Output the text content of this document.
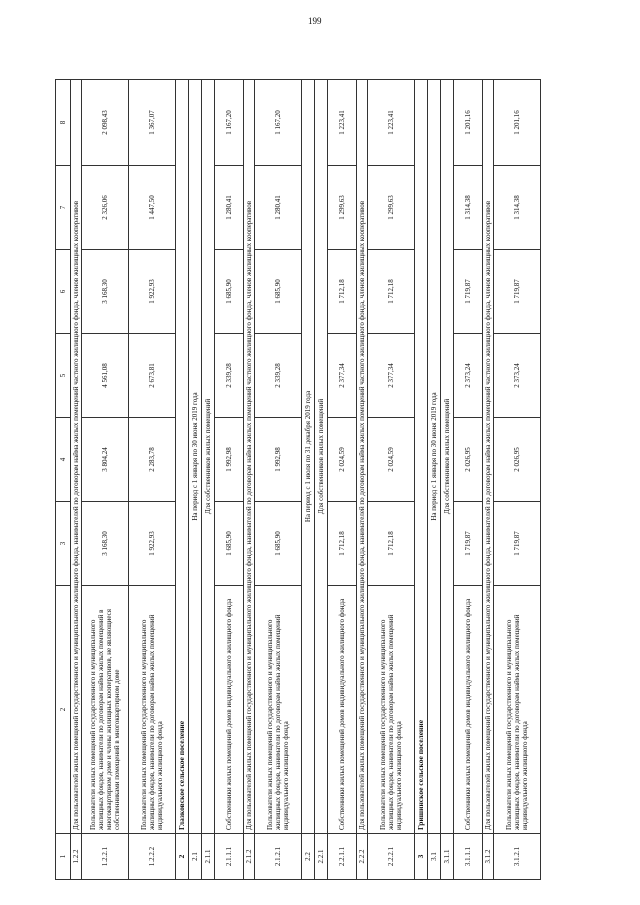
199
1	2	3	4	5	6	7	8
1.2.2	Для пользователей жилых помещений государственного и муниципального жилищного фонда, нанимателей по договорам найма жилых помещений частного жилищного фонда, членов жилищных кооперативов						
1.2.2.1	Пользователи жилых помещений государственного и муниципального жилищных фондов, наниматели по договорам найма жилых помещений в многоквартирном доме и члены жилищных кооперативов, не являющиеся собственниками помещений в многоквартирном доме	3 168,30	3 804,24	4 561,08	3 168,30	2 326,06	2 098,43
1.2.2.2	Пользователи жилых помещений государственного и муниципального жилищных фондов, наниматели по договорам найма жилых помещений индивидуального жилищного фонда	1 922,93	2 283,78	2 673,81	1 922,93	1 447,50	1 367,07
2	Глазковское сельское поселение						
2.1	На период с 1 января по 30 июня 2019 года						
2.1.1	Для собственников жилых помещений						
2.1.1.1	Собственники жилых помещений домов индивидуального жилищного фонда	1 685,90	1 992,98	2 339,28	1 685,90	1 280,41	1 167,20
2.1.2	Для пользователей жилых помещений государственного и муниципального жилищного фонда, нанимателей по договорам найма жилых помещений частного жилищного фонда, членов жилищных кооперативов						
2.1.2.1	Пользователи жилых помещений государственного и муниципального жилищных фондов, наниматели по договорам найма жилых помещений индивидуального жилищного фонда	1 685,90	1 992,98	2 339,28	1 685,90	1 280,41	1 167,20
2.2	На период с 1 июля по 31 декабря 2019 года						
2.2.1	Для собственников жилых помещений						
2.2.1.1	Собственники жилых помещений домов индивидуального жилищного фонда	1 712,18	2 024,59	2 377,34	1 712,18	1 299,63	1 223,41
2.2.2	Для пользователей жилых помещений государственного и муниципального жилищного фонда, нанимателей по договорам найма жилых помещений частного жилищного фонда, членов жилищных кооперативов						
2.2.2.1	Пользователи жилых помещений государственного и муниципального жилищных фондов, наниматели по договорам найма жилых помещений индивидуального жилищного фонда	1 712,18	2 024,59	2 377,34	1 712,18	1 299,63	1 223,41
3	Гришинское сельское поселение						
3.1	На период с 1 января по 30 июня 2019 года						
3.1.1	Для собственников жилых помещений						
3.1.1.1	Собственники жилых помещений домов индивидуального жилищного фонда	1 719,87	2 026,95	2 373,24	1 719,87	1 314,38	1 201,16
3.1.2	Для пользователей жилых помещений государственного и муниципального жилищного фонда, нанимателей по договорам найма жилых помещений частного жилищного фонда, членов жилищных кооперативов						
3.1.2.1	Пользователи жилых помещений государственного и муниципального жилищных фондов, наниматели по договорам найма жилых помещений индивидуального жилищного фонда	1 719,87	2 026,95	2 373,24	1 719,87	1 314,38	1 201,16
